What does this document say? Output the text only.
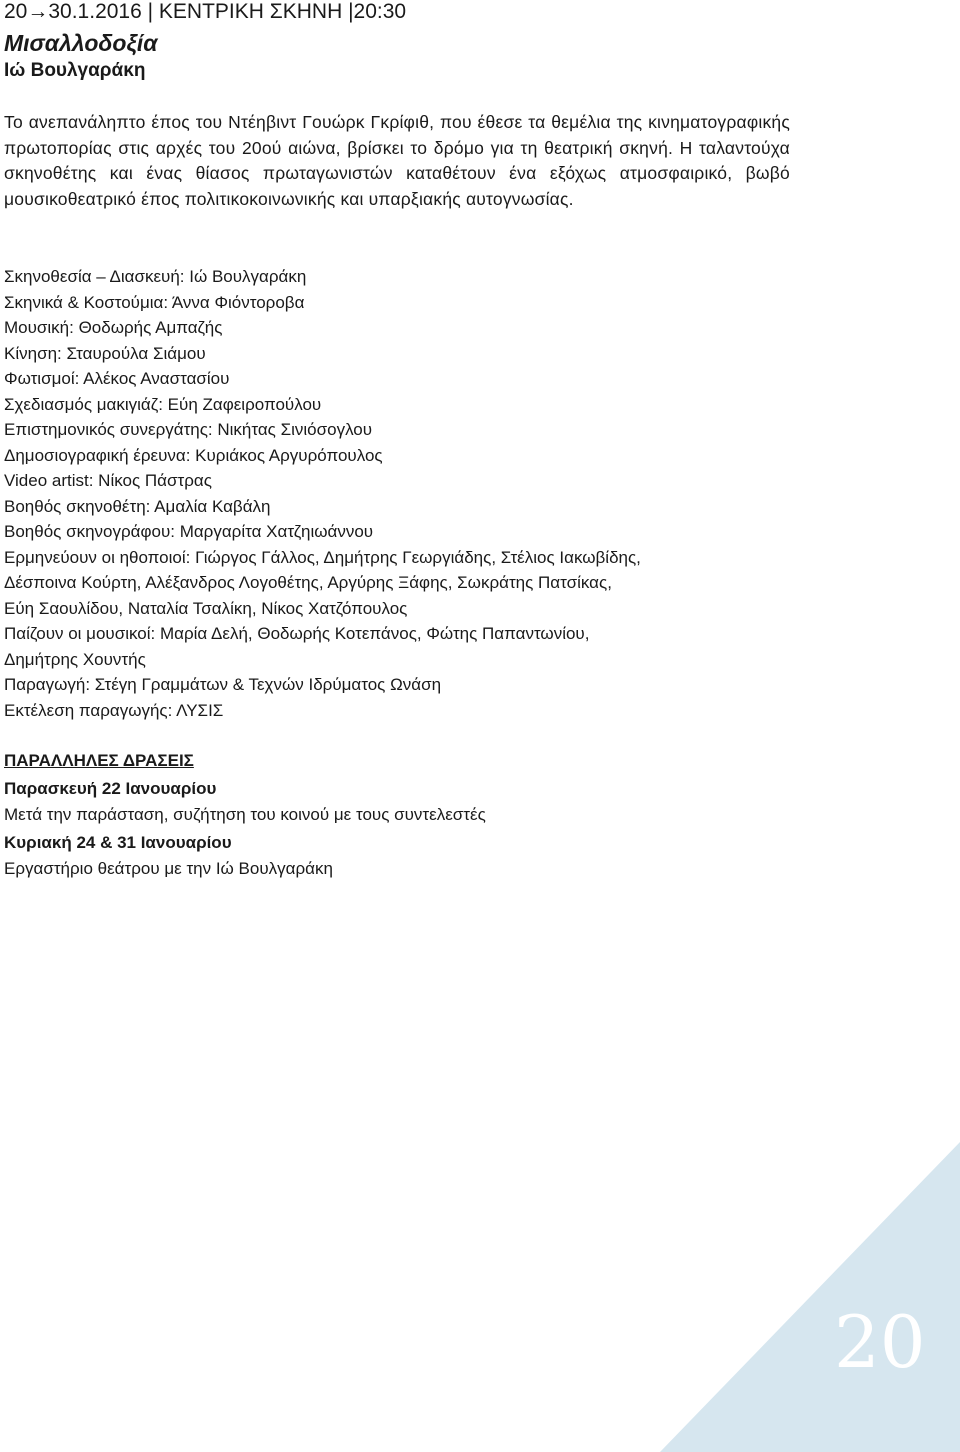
20→30.1.2016 | ΚΕΝΤΡΙΚΗ ΣΚΗΝΗ |20:30
Μισαλλοδοξία
Ιώ Βουλγαράκη

Το ανεπανάληπτο έπος του Ντέηβιντ Γουώρκ Γκρίφιθ, που έθεσε τα θεμέλια της κινηματογραφικής πρωτοπορίας στις αρχές του 20ού αιώνα, βρίσκει το δρόμο για τη θεατρική σκηνή. Η ταλαντούχα σκηνοθέτης και ένας θίασος πρωταγωνιστών καταθέτουν ένα εξόχως ατμοσφαιρικό, βωβό μουσικοθεατρικό έπος πολιτικοκοινωνικής και υπαρξιακής αυτογνωσίας.

Σκηνοθεσία – Διασκευή: Ιώ Βουλγαράκη
Σκηνικά & Κοστούμια: Άννα Φιόντοροβα
Μουσική: Θοδωρής Αμπαζής
Κίνηση: Σταυρούλα Σιάμου
Φωτισμοί: Αλέκος Αναστασίου
Σχεδιασμός μακιγιάζ: Εύη Ζαφειροπούλου
Επιστημονικός συνεργάτης: Νικήτας Σινιόσογλου
Δημοσιογραφική έρευνα: Κυριάκος Αργυρόπουλος
Video artist: Νίκος Πάστρας
Βοηθός σκηνοθέτη: Αμαλία Καβάλη
Βοηθός σκηνογράφου: Μαργαρίτα Χατζηιωάννου
Ερμηνεύουν οι ηθοποιοί: Γιώργος Γάλλος, Δημήτρης Γεωργιάδης, Στέλιος Ιακωβίδης,
Δέσποινα Κούρτη, Αλέξανδρος Λογοθέτης, Αργύρης Ξάφης, Σωκράτης Πατσίκας,
Εύη Σαουλίδου, Ναταλία Τσαλίκη, Νίκος Χατζόπουλος
Παίζουν οι μουσικοί: Μαρία Δελή, Θοδωρής Κοτεπάνος, Φώτης Παπαντωνίου,
Δημήτρης Χουντής
Παραγωγή: Στέγη Γραμμάτων & Τεχνών Ιδρύματος Ωνάση
Εκτέλεση παραγωγής: ΛΥΣΙΣ
ΠΑΡΑΛΛΗΛΕΣ ΔΡΑΣΕΙΣ
Παρασκευή 22 Ιανουαρίου
Μετά την παράσταση, συζήτηση του κοινού με τους συντελεστές
Κυριακή 24 & 31 Ιανουαρίου
Εργαστήριο θεάτρου με την Ιώ Βουλγαράκη
20
